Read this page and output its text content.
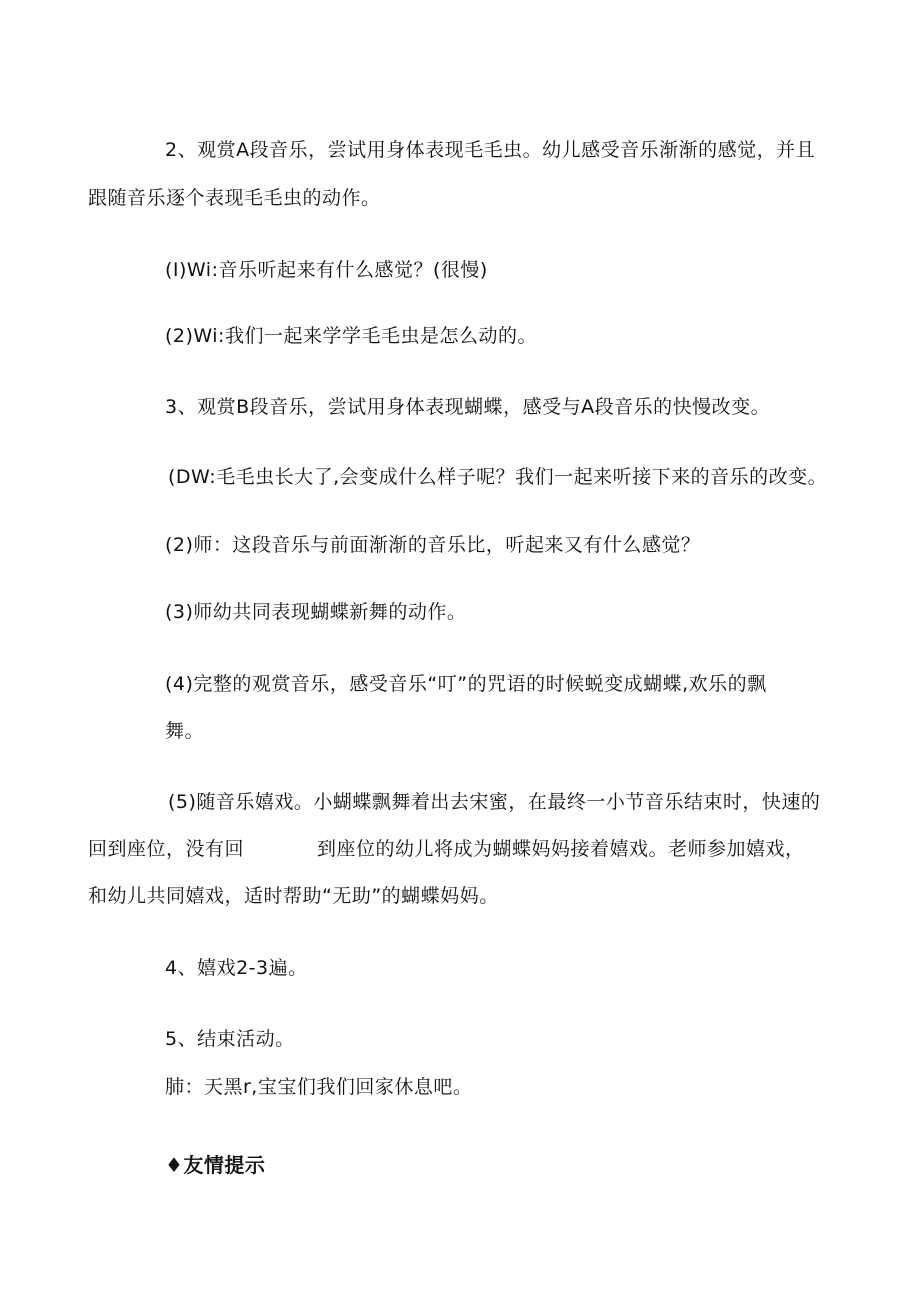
2、观赏A段音乐，尝试用身体表现毛毛虫。幼儿感受音乐渐渐的感觉，并且
跟随音乐逐个表现毛毛虫的动作。
(I)Wi:音乐听起来有什么感觉？(很慢)
(2)Wi:我们一起来学学毛毛虫是怎么动的。
3、观赏B段音乐，尝试用身体表现蝴蝶，感受与A段音乐的快慢改变。
(DW:毛毛虫长大了,会变成什么样子呢？我们一起来听接下来的音乐的改变。
(2)师：这段音乐与前面渐渐的音乐比，听起来又有什么感觉？
(3)师幼共同表现蝴蝶新舞的动作。
(4)完整的观赏音乐，感受音乐“叮”的咒语的时候蜕变成蝴蝶,欢乐的飘
舞。
(5)随音乐嬉戏。小蝴蝶飘舞着出去宋蜜，在最终一小节音乐结束时，快速的
回到座位，没有回	到座位的幼儿将成为蝴蝶妈妈接着嬉戏。老师参加嬉戏，
和幼儿共同嬉戏，适时帮助“无助”的蝴蝶妈妈。
4、嬉戏2-3遍。
5、结束活动。
肺：天黑r,宝宝们我们回家休息吧。
♦友情提示
